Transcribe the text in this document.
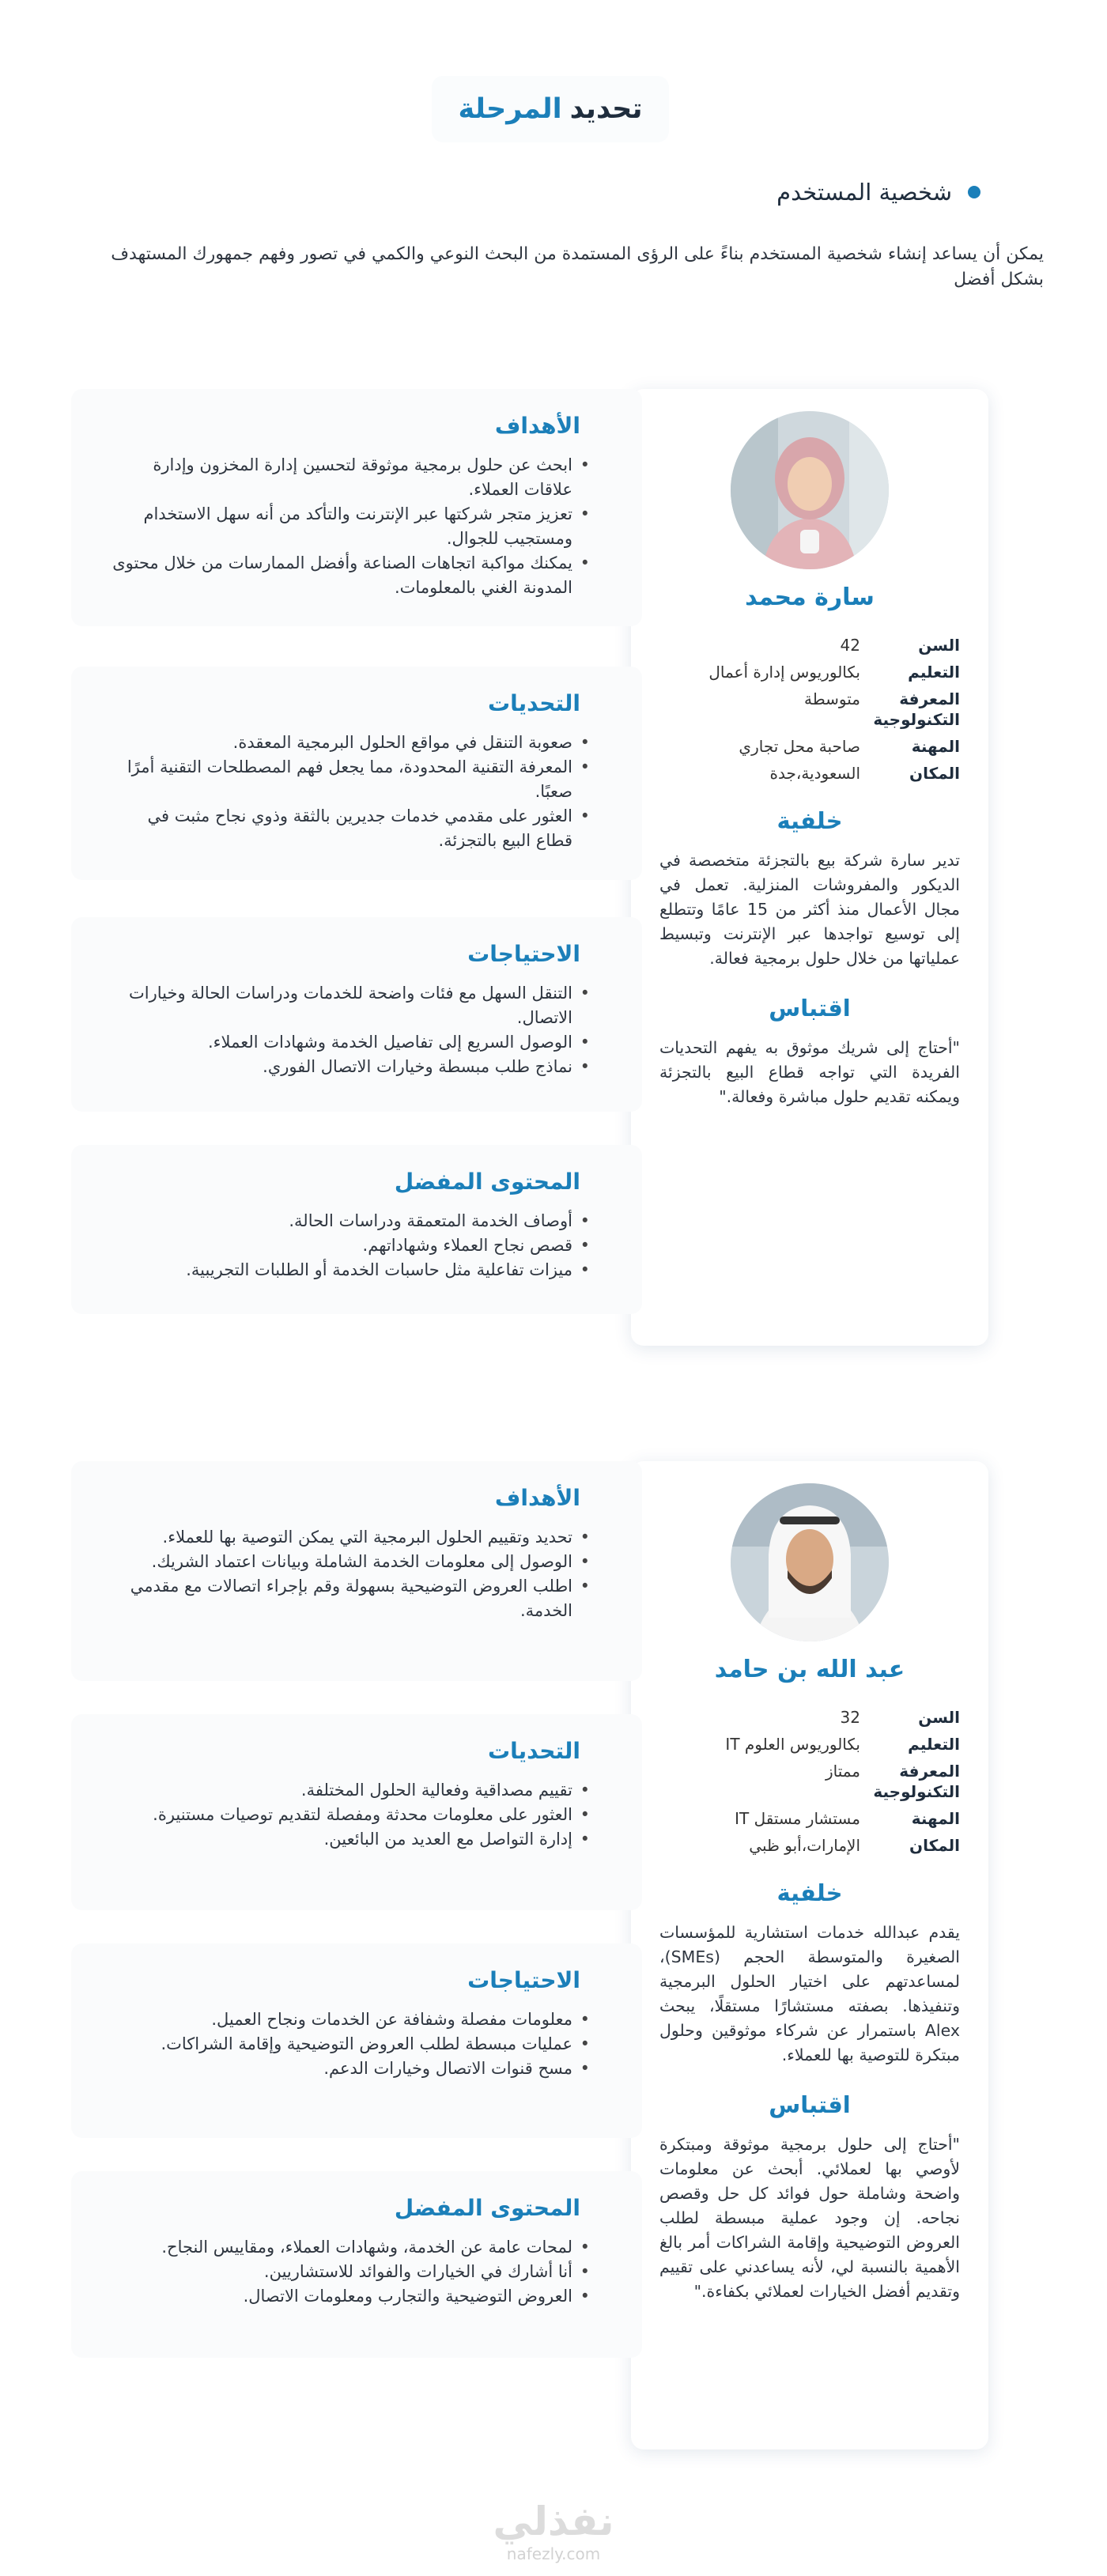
تحديد
المرحلة
شخصية المستخدم

يمكن أن يساعد إنشاء شخصية المستخدم بناءً على الرؤى المستمدة من البحث النوعي والكمي في تصور وفهم جمهورك المستهدف بشكل أفضل

سارة محمد
السن
42
التعليم
بكالوريوس إدارة أعمال
المعرفة التكنولوجية
متوسطة
المهنة
صاحبة محل تجاري
المكان
السعودية،جدة
خلفية

تدير سارة شركة بيع بالتجزئة متخصصة في الديكور والمفروشات المنزلية. تعمل في مجال الأعمال منذ أكثر من 15 عامًا وتتطلع إلى توسيع تواجدها عبر الإنترنت وتبسيط عملياتها من خلال حلول برمجية فعالة.

اقتباس

"أحتاج إلى شريك موثوق به يفهم التحديات الفريدة التي تواجه قطاع البيع بالتجزئة ويمكنه تقديم حلول مباشرة وفعالة."

الأهداف
• ابحث عن حلول برمجية موثوقة لتحسين إدارة المخزون وإدارة علاقات العملاء.
• تعزيز متجر شركتها عبر الإنترنت والتأكد من أنه سهل الاستخدام ومستجيب للجوال.
• يمكنك مواكبة اتجاهات الصناعة وأفضل الممارسات من خلال محتوى المدونة الغني بالمعلومات.
التحديات
• صعوبة التنقل في مواقع الحلول البرمجية المعقدة.
• المعرفة التقنية المحدودة، مما يجعل فهم المصطلحات التقنية أمرًا صعبًا.
• العثور على مقدمي خدمات جديرين بالثقة وذوي نجاح مثبت في قطاع البيع بالتجزئة.
الاحتياجات
• التنقل السهل مع فئات واضحة للخدمات ودراسات الحالة وخيارات الاتصال.
• الوصول السريع إلى تفاصيل الخدمة وشهادات العملاء.
• نماذج طلب مبسطة وخيارات الاتصال الفوري.
المحتوى المفضل
• أوصاف الخدمة المتعمقة ودراسات الحالة.
• قصص نجاح العملاء وشهاداتهم.
• ميزات تفاعلية مثل حاسبات الخدمة أو الطلبات التجريبية.
عبد الله بن حامد
السن
32
التعليم
بكالوريوس العلوم IT
المعرفة التكنولوجية
ممتاز
المهنة
مستشار مستقل IT
المكان
الإمارات،أبو ظبي
خلفية

يقدم عبدالله خدمات استشارية للمؤسسات الصغيرة والمتوسطة الحجم (SMEs)، لمساعدتهم على اختيار الحلول البرمجية وتنفيذها. بصفته مستشارًا مستقلًا، يبحث Alex باستمرار عن شركاء موثوقين وحلول مبتكرة للتوصية بها للعملاء.

اقتباس

"أحتاج إلى حلول برمجية موثوقة ومبتكرة لأوصي بها لعملائي. أبحث عن معلومات واضحة وشاملة حول فوائد كل حل وقصص نجاحه. إن وجود عملية مبسطة لطلب العروض التوضيحية وإقامة الشراكات أمر بالغ الأهمية بالنسبة لي، لأنه يساعدني على تقييم وتقديم أفضل الخيارات لعملائي بكفاءة."

الأهداف
• تحديد وتقييم الحلول البرمجية التي يمكن التوصية بها للعملاء.
• الوصول إلى معلومات الخدمة الشاملة وبيانات اعتماد الشريك.
• اطلب العروض التوضيحية بسهولة وقم بإجراء اتصالات مع مقدمي الخدمة.
التحديات
• تقييم مصداقية وفعالية الحلول المختلفة.
• العثور على معلومات محدثة ومفصلة لتقديم توصيات مستنيرة.
• إدارة التواصل مع العديد من البائعين.
الاحتياجات
• معلومات مفصلة وشفافة عن الخدمات ونجاح العميل.
• عمليات مبسطة لطلب العروض التوضيحية وإقامة الشراكات.
• مسح قنوات الاتصال وخيارات الدعم.
المحتوى المفضل
• لمحات عامة عن الخدمة، وشهادات العملاء، ومقاييس النجاح.
• أنا أشارك في الخيارات والفوائد للاستشاريين.
• العروض التوضيحية والتجارب ومعلومات الاتصال.
نفذلي
nafezly.com
